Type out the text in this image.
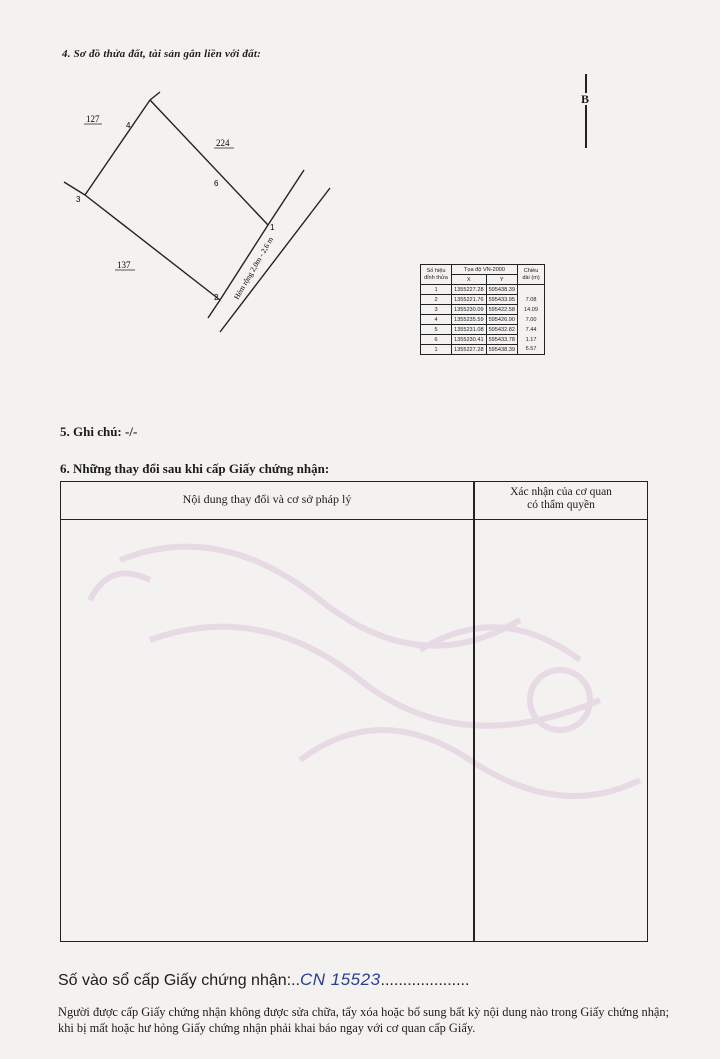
4. Sơ đồ thửa đất, tài sản gắn liền với đất:
127
224
137
1
2
3
4
6
Hẻm rộng 2,0m - 2,6 m
B
Số hiệu đỉnh thửa	Tọa độ VN-2000		Chiều dài (m)
	X	Y	
1	1355227.28	595438.39	
2	1355221.76	595433.95	7.08
3	1355230.09	595422.58	14.09
4	1355235.59	595426.90	7.00
5	1355231.08	595432.82	7.44
6	1355230.41	595433.78	1.17
1	1355227.28	595438.39	5.57
5. Ghi chú: -/-
6. Những thay đổi sau khi cấp Giấy chứng nhận:
Nội dung thay đổi và cơ sở pháp lý	Xác nhận của cơ quan
có thẩm quyền
Số vào sổ cấp Giấy chứng nhận:..CN 15523....................
Người được cấp Giấy chứng nhận không được sửa chữa, tẩy xóa hoặc bổ sung bất kỳ nội dung nào trong Giấy chứng nhận; khi bị mất hoặc hư hỏng Giấy chứng nhận phải khai báo ngay với cơ quan cấp Giấy.
